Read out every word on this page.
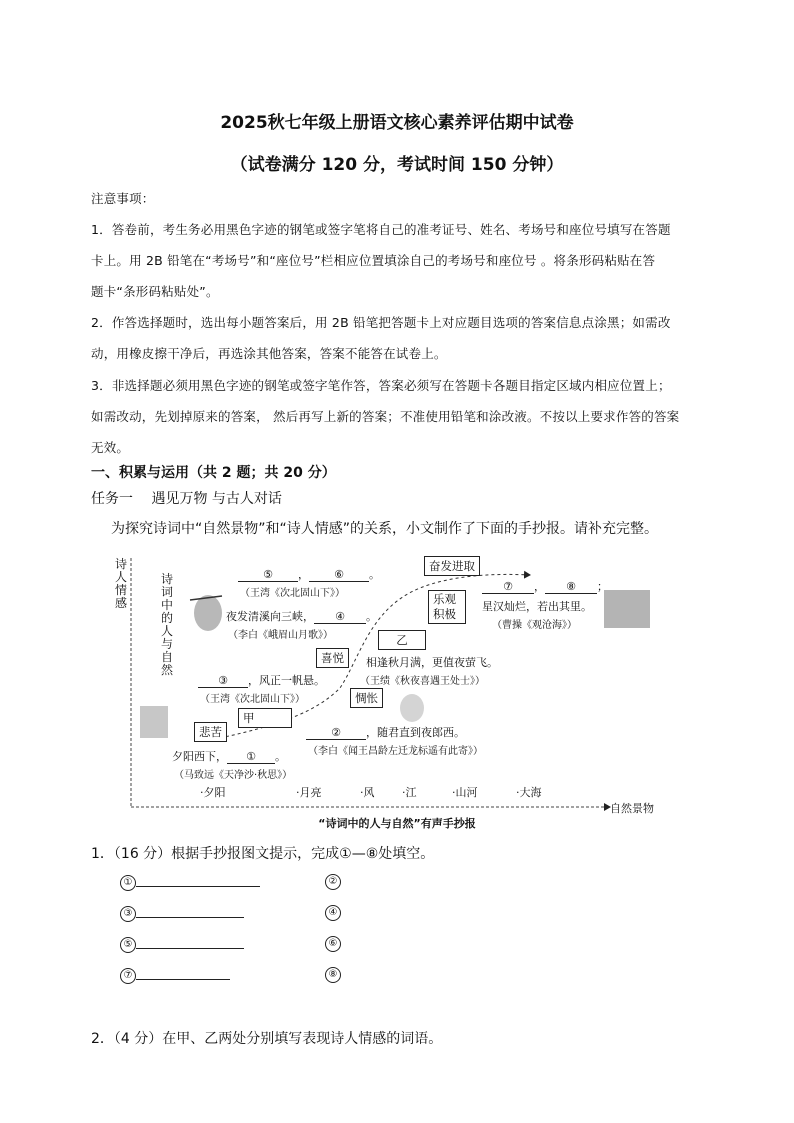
2025秋七年级上册语文核心素养评估期中试卷
（试卷满分 120 分，考试时间 150 分钟）
注意事项：
1．答卷前，考生务必用黑色字迹的钢笔或签字笔将自己的准考证号、姓名、考场号和座位号填写在答题
卡上。用 2B 铅笔在“考场号”和“座位号”栏相应位置填涂自己的考场号和座位号 。将条形码粘贴在答
题卡“条形码粘贴处”。
2．作答选择题时，选出每小题答案后，用 2B 铅笔把答题卡上对应题目选项的答案信息点涂黑；如需改
动，用橡皮擦干净后，再选涂其他答案，答案不能答在试卷上。
3．非选择题必须用黑色字迹的钢笔或签字笔作答，答案必须写在答题卡各题目指定区域内相应位置上；
如需改动，先划掉原来的答案， 然后再写上新的答案；不准使用铅笔和涂改液。不按以上要求作答的答案
无效。
一、积累与运用（共 2 题；共 20 分）
任务一　 遇见万物 与古人对话
为探究诗词中“自然景物”和“诗人情感”的关系，小文制作了下面的手抄报。请补充完整。
诗人情感
诗词中的人与自然
⑤ ， ⑥ 。
（王湾《次北固山下》）
夜发清溪向三峡， ④ 。
（李白《峨眉山月歌》）
奋发进取
乐观积极
乙
喜悦
惆怅
甲
悲苦
⑦ ， ⑧ ；
星汉灿烂，若出其里。
（曹操《观沧海》）
相逢秋月满，更值夜萤飞。
（王绩《秋夜喜遇王处士》）
③ ，风正一帆悬。
（王湾《次北固山下》）
② ，随君直到夜郎西。
（李白《闻王昌龄左迁龙标遥有此寄》）
夕阳西下， ① 。
（马致远《天净沙·秋思》）
·夕阳	·月亮	·风	·江	·山河	·大海
自然景物
“诗词中的人与自然”有声手抄报
1．（16 分）根据手抄报图文提示，完成①—⑧处填空。
①	②
③	④
⑤	⑥
⑦	⑧
2．（4 分）在甲、乙两处分别填写表现诗人情感的词语。
